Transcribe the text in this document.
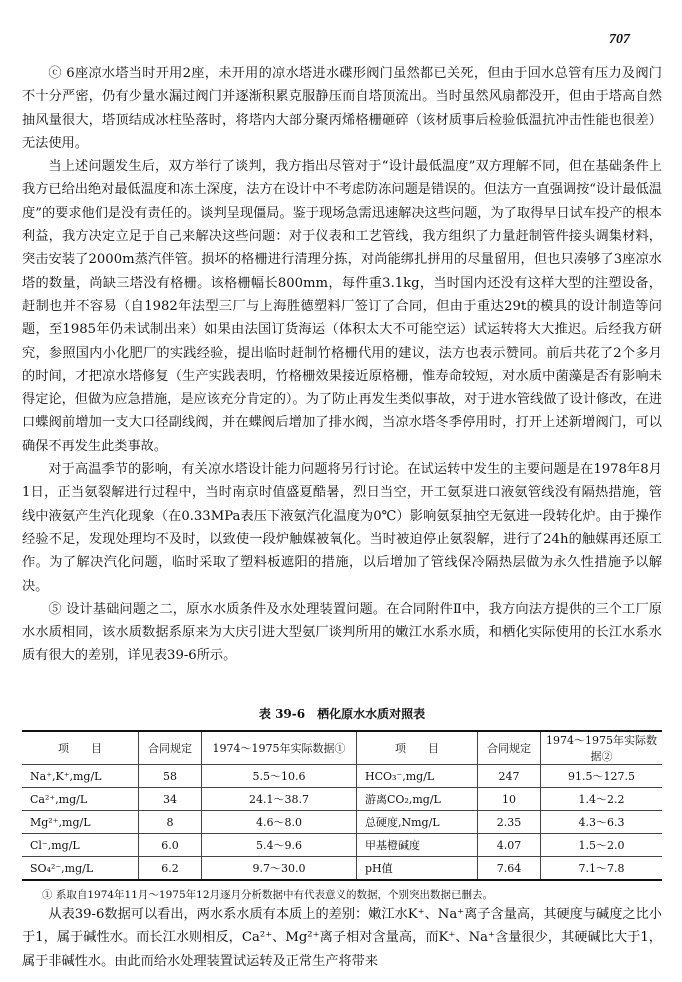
707

ⓒ 6座凉水塔当时开用2座，未开用的凉水塔进水碟形阀门虽然都已关死，但由于回水总管有压力及阀门不十分严密，仍有少量水漏过阀门并逐渐积累克服静压而自塔顶流出。当时虽然风扇都没开，但由于塔高自然抽风量很大，塔顶结成冰柱坠落时，将塔内大部分聚丙烯格栅砸碎（该材质事后检验低温抗冲击性能也很差）无法使用。

当上述问题发生后，双方举行了谈判，我方指出尽管对于“设计最低温度”双方理解不同，但在基础条件上我方已给出绝对最低温度和冻土深度，法方在设计中不考虑防冻问题是错误的。但法方一直强调按“设计最低温度”的要求他们是没有责任的。谈判呈现僵局。鉴于现场急需迅速解决这些问题，为了取得早日试车投产的根本利益，我方决定立足于自己来解决这些问题：对于仪表和工艺管线，我方组织了力量赶制管件接头调集材料，突击安装了2000m蒸汽伴管。损坏的格栅进行清理分拣，对尚能绑扎拼用的尽量留用，但也只凑够了3座凉水塔的数量，尚缺三塔没有格栅。该格栅幅长800mm，每件重3.1kg，当时国内还没有这样大型的注塑设备，赶制也并不容易（自1982年法型三厂与上海胜德塑料厂签订了合同，但由于重达29t的模具的设计制造等问题，至1985年仍未试制出来）如果由法国订货海运（体积太大不可能空运）试运转将大大推迟。后经我方研究，参照国内小化肥厂的实践经验，提出临时赶制竹格栅代用的建议，法方也表示赞同。前后共花了2个多月的时间，才把凉水塔修复（生产实践表明，竹格栅效果接近原格栅，惟寿命较短，对水质中菌藻是否有影响未得定论，但做为应急措施，是应该充分肯定的）。为了防止再发生类似事故，对于进水管线做了设计修改，在进口蝶阀前增加一支大口径副线阀，并在蝶阀后增加了排水阀，当凉水塔冬季停用时，打开上述新增阀门，可以确保不再发生此类事故。

对于高温季节的影响，有关凉水塔设计能力问题将另行讨论。在试运转中发生的主要问题是在1978年8月1日，正当氨裂解进行过程中，当时南京时值盛夏酷暑，烈日当空，开工氨泵进口液氨管线没有隔热措施，管线中液氨产生汽化现象（在0.33MPa表压下液氨汽化温度为0℃）影响氨泵抽空无氨进一段转化炉。由于操作经验不足，发现处理均不及时，以致使一段炉触媒被氧化。当时被迫停止氨裂解，进行了24h的触媒再还原工作。为了解决汽化问题，临时采取了塑料板遮阳的措施，以后增加了管线保冷隔热层做为永久性措施予以解决。

⑤ 设计基础问题之二，原水水质条件及水处理装置问题。在合同附件Ⅱ中，我方向法方提供的三个工厂原水水质相同，该水质数据系原来为大庆引进大型氨厂谈判所用的嫩江水系水质，和栖化实际使用的长江水系水质有很大的差别，详见表39-6所示。

表 39-6　栖化原水水质对照表
项　　目	合同规定	1974～1975年实际数据①	项　　目	合同规定	1974～1975年实际数据②
Na⁺,K⁺,mg/L	58	5.5～10.6	HCO₃⁻,mg/L	247	91.5～127.5
Ca²⁺,mg/L	34	24.1～38.7	游离CO₂,mg/L	10	1.4～2.2
Mg²⁺,mg/L	8	4.6～8.0	总硬度,Nmg/L	2.35	4.3～6.3
Cl⁻,mg/L	6.0	5.4～9.6	甲基橙碱度	4.07	1.5～2.0
SO₄²⁻,mg/L	6.2	9.7～30.0	pH值	7.64	7.1～7.8
① 系取自1974年11月～1975年12月逐月分析数据中有代表意义的数据，个别突出数据已删去。

从表39-6数据可以看出，两水系水质有本质上的差别：嫩江水K⁺、Na⁺离子含量高，其硬度与碱度之比小于1，属于碱性水。而长江水则相反，Ca²⁺、Mg²⁺离子相对含量高，而K⁺、Na⁺含量很少，其硬碱比大于1，属于非碱性水。由此而给水处理装置试运转及正常生产将带来
